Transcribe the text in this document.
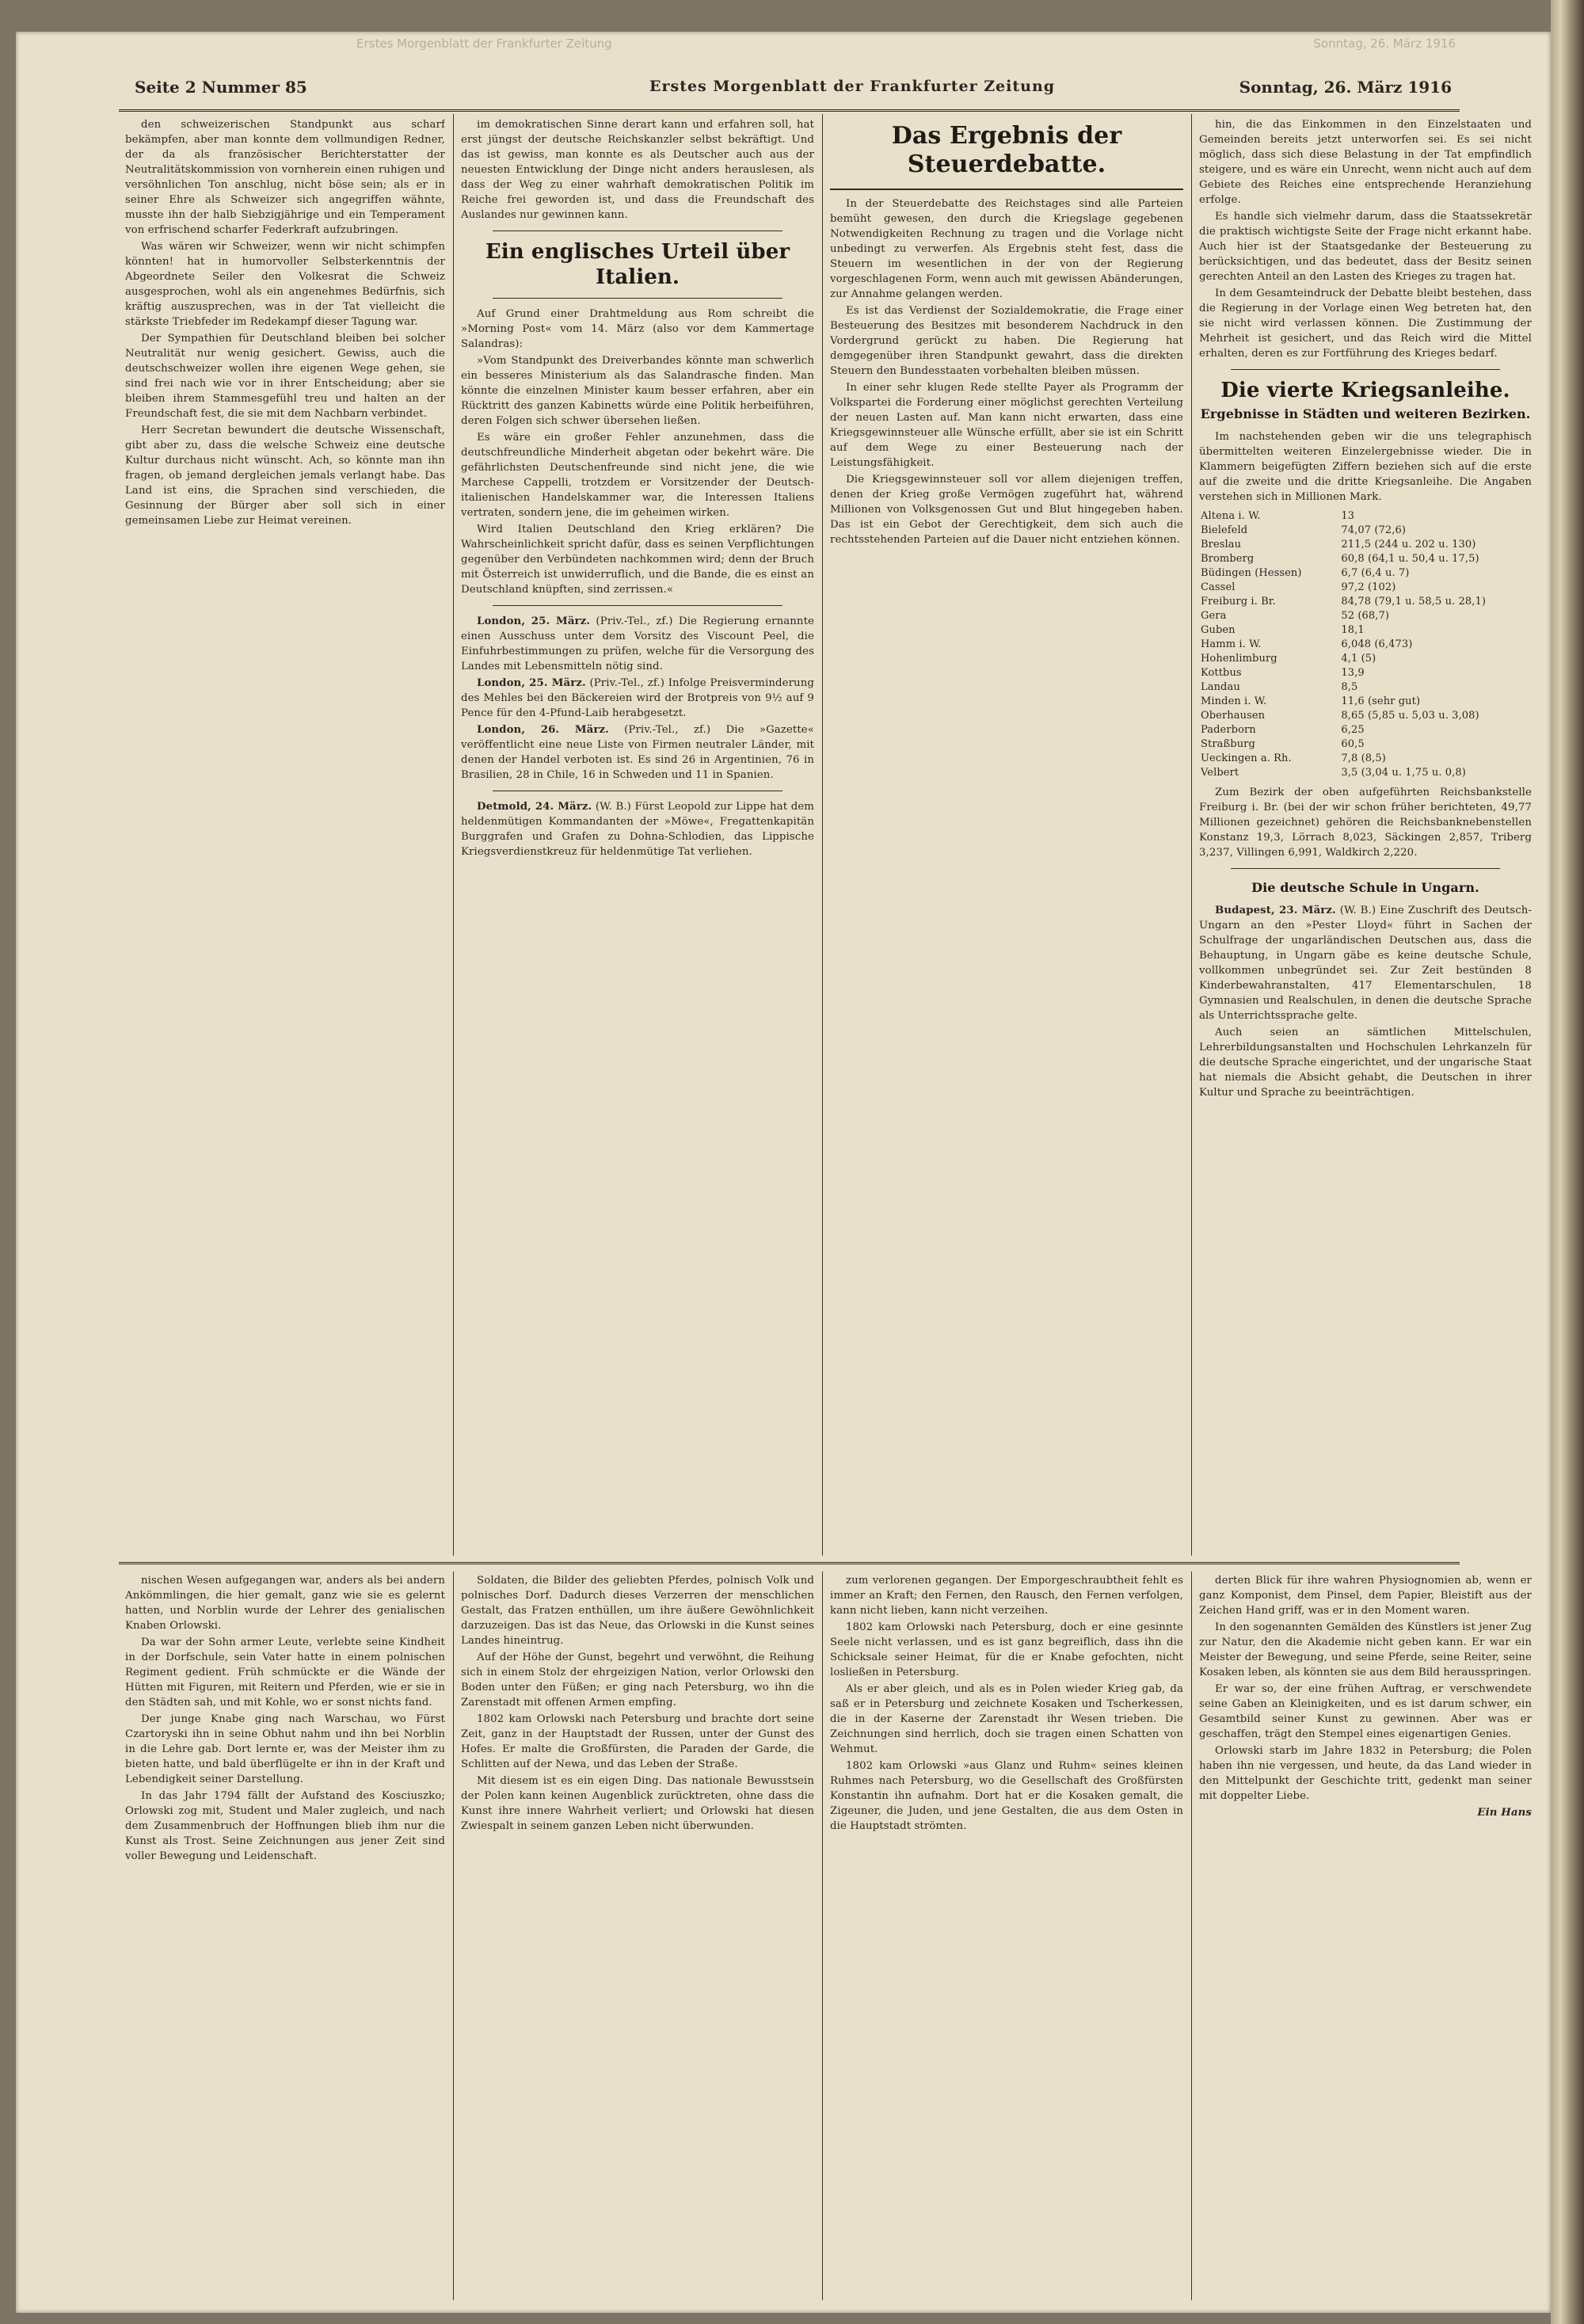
Erstes Morgenblatt der Frankfurter Zeitung	Sonntag, 26. März 1916
Seite 2 Nummer 85	Erstes Morgenblatt der Frankfurter Zeitung	Sonntag, 26. März 1916

den schweizerischen Standpunkt aus scharf bekämpfen, aber man konnte dem vollmundigen Redner, der da als französischer Berichterstatter der Neutralitätskommission von vornherein einen ruhigen und versöhnlichen Ton anschlug, nicht böse sein; als er in seiner Ehre als Schweizer sich angegriffen wähnte, musste ihn der halb Siebzigjährige und ein Temperament von erfrischend scharfer Federkraft aufzubringen.

Was wären wir Schweizer, wenn wir nicht schimpfen könnten! hat in humorvoller Selbsterkenntnis der Abgeordnete Seiler den Volkesrat die Schweiz ausgesprochen, wohl als ein angenehmes Bedürfnis, sich kräftig auszusprechen, was in der Tat vielleicht die stärkste Triebfeder im Redekampf dieser Tagung war.

Der Sympathien für Deutschland bleiben bei solcher Neutralität nur wenig gesichert. Gewiss, auch die deutschschweizer wollen ihre eigenen Wege gehen, sie sind frei nach wie vor in ihrer Entscheidung; aber sie bleiben ihrem Stammesgefühl treu und halten an der Freundschaft fest, die sie mit dem Nachbarn verbindet.

Herr Secretan bewundert die deutsche Wissenschaft, gibt aber zu, dass die welsche Schweiz eine deutsche Kultur durchaus nicht wünscht. Ach, so könnte man ihn fragen, ob jemand dergleichen jemals verlangt habe. Das Land ist eins, die Sprachen sind verschieden, die Gesinnung der Bürger aber soll sich in einer gemeinsamen Liebe zur Heimat vereinen.

im demokratischen Sinne derart kann und erfahren soll, hat erst jüngst der deutsche Reichskanzler selbst bekräftigt. Und das ist gewiss, man konnte es als Deutscher auch aus der neuesten Entwicklung der Dinge nicht anders herauslesen, als dass der Weg zu einer wahrhaft demokratischen Politik im Reiche frei geworden ist, und dass die Freundschaft des Auslandes nur gewinnen kann.

Ein englisches Urteil über Italien.

Auf Grund einer Drahtmeldung aus Rom schreibt die »Morning Post« vom 14. März (also vor dem Kammertage Salandras):

»Vom Standpunkt des Dreiverbandes könnte man schwerlich ein besseres Ministerium als das Salandrasche finden. Man könnte die einzelnen Minister kaum besser erfahren, aber ein Rücktritt des ganzen Kabinetts würde eine Politik herbeiführen, deren Folgen sich schwer übersehen ließen.

Es wäre ein großer Fehler anzunehmen, dass die deutschfreundliche Minderheit abgetan oder bekehrt wäre. Die gefährlichsten Deutschenfreunde sind nicht jene, die wie Marchese Cappelli, trotzdem er Vorsitzender der Deutsch-italienischen Handelskammer war, die Interessen Italiens vertraten, sondern jene, die im geheimen wirken.

Wird Italien Deutschland den Krieg erklären? Die Wahrscheinlichkeit spricht dafür, dass es seinen Verpflichtungen gegenüber den Verbündeten nachkommen wird; denn der Bruch mit Österreich ist unwiderruflich, und die Bande, die es einst an Deutschland knüpften, sind zerrissen.«

London, 25. März. (Priv.-Tel., zf.) Die Regierung ernannte einen Ausschuss unter dem Vorsitz des Viscount Peel, die Einfuhrbestimmungen zu prüfen, welche für die Versorgung des Landes mit Lebensmitteln nötig sind.

London, 25. März. (Priv.-Tel., zf.) Infolge Preisverminderung des Mehles bei den Bäckereien wird der Brotpreis von 9½ auf 9 Pence für den 4-Pfund-Laib herabgesetzt.

London, 26. März. (Priv.-Tel., zf.) Die »Gazette« veröffentlicht eine neue Liste von Firmen neutraler Länder, mit denen der Handel verboten ist. Es sind 26 in Argentinien, 76 in Brasilien, 28 in Chile, 16 in Schweden und 11 in Spanien.

Detmold, 24. März. (W. B.) Fürst Leopold zur Lippe hat dem heldenmütigen Kommandanten der »Möwe«, Fregattenkapitän Burggrafen und Grafen zu Dohna-Schlodien, das Lippische Kriegsverdienstkreuz für heldenmütige Tat verliehen.

Das Ergebnis der Steuerdebatte.

In der Steuerdebatte des Reichstages sind alle Parteien bemüht gewesen, den durch die Kriegslage gegebenen Notwendigkeiten Rechnung zu tragen und die Vorlage nicht unbedingt zu verwerfen. Als Ergebnis steht fest, dass die Steuern im wesentlichen in der von der Regierung vorgeschlagenen Form, wenn auch mit gewissen Abänderungen, zur Annahme gelangen werden.

Es ist das Verdienst der Sozialdemokratie, die Frage einer Besteuerung des Besitzes mit besonderem Nachdruck in den Vordergrund gerückt zu haben. Die Regierung hat demgegenüber ihren Standpunkt gewahrt, dass die direkten Steuern den Bundesstaaten vorbehalten bleiben müssen.

In einer sehr klugen Rede stellte Payer als Programm der Volkspartei die Forderung einer möglichst gerechten Verteilung der neuen Lasten auf. Man kann nicht erwarten, dass eine Kriegsgewinnsteuer alle Wünsche erfüllt, aber sie ist ein Schritt auf dem Wege zu einer Besteuerung nach der Leistungsfähigkeit.

Die Kriegsgewinnsteuer soll vor allem diejenigen treffen, denen der Krieg große Vermögen zugeführt hat, während Millionen von Volksgenossen Gut und Blut hingegeben haben. Das ist ein Gebot der Gerechtigkeit, dem sich auch die rechtsstehenden Parteien auf die Dauer nicht entziehen können.

hin, die das Einkommen in den Einzelstaaten und Gemeinden bereits jetzt unterworfen sei. Es sei nicht möglich, dass sich diese Belastung in der Tat empfindlich steigere, und es wäre ein Unrecht, wenn nicht auch auf dem Gebiete des Reiches eine entsprechende Heranziehung erfolge.

Es handle sich vielmehr darum, dass die Staatssekretär die praktisch wichtigste Seite der Frage nicht erkannt habe. Auch hier ist der Staatsgedanke der Besteuerung zu berücksichtigen, und das bedeutet, dass der Besitz seinen gerechten Anteil an den Lasten des Krieges zu tragen hat.

In dem Gesamteindruck der Debatte bleibt bestehen, dass die Regierung in der Vorlage einen Weg betreten hat, den sie nicht wird verlassen können. Die Zustimmung der Mehrheit ist gesichert, und das Reich wird die Mittel erhalten, deren es zur Fortführung des Krieges bedarf.

Die vierte Kriegsanleihe.
Ergebnisse in Städten und weiteren Bezirken.

Im nachstehenden geben wir die uns telegraphisch übermittelten weiteren Einzelergebnisse wieder. Die in Klammern beigefügten Ziffern beziehen sich auf die erste auf die zweite und die dritte Kriegsanleihe. Die Angaben verstehen sich in Millionen Mark.

Altena i. W.	13
Bielefeld	74,07 (72,6)
Breslau	211,5 (244 u. 202 u. 130)
Bromberg	60,8 (64,1 u. 50,4 u. 17,5)
Büdingen (Hessen)	6,7 (6,4 u. 7)
Cassel	97,2 (102)
Freiburg i. Br.	84,78 (79,1 u. 58,5 u. 28,1)
Gera	52 (68,7)
Guben	18,1
Hamm i. W.	6,048 (6,473)
Hohenlimburg	4,1 (5)
Kottbus	13,9
Landau	8,5
Minden i. W.	11,6 (sehr gut)
Oberhausen	8,65 (5,85 u. 5,03 u. 3,08)
Paderborn	6,25
Straßburg	60,5
Ueckingen a. Rh.	7,8 (8,5)
Velbert	3,5 (3,04 u. 1,75 u. 0,8)

Zum Bezirk der oben aufgeführten Reichsbankstelle Freiburg i. Br. (bei der wir schon früher berichteten, 49,77 Millionen gezeichnet) gehören die Reichsbanknebenstellen Konstanz 19,3, Lörrach 8,023, Säckingen 2,857, Triberg 3,237, Villingen 6,991, Waldkirch 2,220.

Die deutsche Schule in Ungarn.

Budapest, 23. März. (W. B.) Eine Zuschrift des Deutsch-Ungarn an den »Pester Lloyd« führt in Sachen der Schulfrage der ungarländischen Deutschen aus, dass die Behauptung, in Ungarn gäbe es keine deutsche Schule, vollkommen unbegründet sei. Zur Zeit bestünden 8 Kinderbewahranstalten, 417 Elementarschulen, 18 Gymnasien und Realschulen, in denen die deutsche Sprache als Unterrichtssprache gelte.

Auch seien an sämtlichen Mittelschulen, Lehrerbildungsanstalten und Hochschulen Lehrkanzeln für die deutsche Sprache eingerichtet, und der ungarische Staat hat niemals die Absicht gehabt, die Deutschen in ihrer Kultur und Sprache zu beeinträchtigen.

nischen Wesen aufgegangen war, anders als bei andern Ankömmlingen, die hier gemalt, ganz wie sie es gelernt hatten, und Norblin wurde der Lehrer des genialischen Knaben Orlowski.

Da war der Sohn armer Leute, verlebte seine Kindheit in der Dorfschule, sein Vater hatte in einem polnischen Regiment gedient. Früh schmückte er die Wände der Hütten mit Figuren, mit Reitern und Pferden, wie er sie in den Städten sah, und mit Kohle, wo er sonst nichts fand.

Der junge Knabe ging nach Warschau, wo Fürst Czartoryski ihn in seine Obhut nahm und ihn bei Norblin in die Lehre gab. Dort lernte er, was der Meister ihm zu bieten hatte, und bald überflügelte er ihn in der Kraft und Lebendigkeit seiner Darstellung.

In das Jahr 1794 fällt der Aufstand des Kosciuszko; Orlowski zog mit, Student und Maler zugleich, und nach dem Zusammenbruch der Hoffnungen blieb ihm nur die Kunst als Trost. Seine Zeichnungen aus jener Zeit sind voller Bewegung und Leidenschaft.

Soldaten, die Bilder des geliebten Pferdes, polnisch Volk und polnisches Dorf. Dadurch dieses Verzerren der menschlichen Gestalt, das Fratzen enthüllen, um ihre äußere Gewöhnlichkeit darzuzeigen. Das ist das Neue, das Orlowski in die Kunst seines Landes hineintrug.

Auf der Höhe der Gunst, begehrt und verwöhnt, die Reihung sich in einem Stolz der ehrgeizigen Nation, verlor Orlowski den Boden unter den Füßen; er ging nach Petersburg, wo ihn die Zarenstadt mit offenen Armen empfing.

1802 kam Orlowski nach Petersburg und brachte dort seine Zeit, ganz in der Hauptstadt der Russen, unter der Gunst des Hofes. Er malte die Großfürsten, die Paraden der Garde, die Schlitten auf der Newa, und das Leben der Straße.

Mit diesem ist es ein eigen Ding. Das nationale Bewusstsein der Polen kann keinen Augenblick zurücktreten, ohne dass die Kunst ihre innere Wahrheit verliert; und Orlowski hat diesen Zwiespalt in seinem ganzen Leben nicht überwunden.

zum verlorenen gegangen. Der Emporgeschraubtheit fehlt es immer an Kraft; den Fernen, den Rausch, den Fernen verfolgen, kann nicht lieben, kann nicht verzeihen.

1802 kam Orlowski nach Petersburg, doch er eine gesinnte Seele nicht verlassen, und es ist ganz begreiflich, dass ihn die Schicksale seiner Heimat, für die er Knabe gefochten, nicht losließen in Petersburg.

Als er aber gleich, und als es in Polen wieder Krieg gab, da saß er in Petersburg und zeichnete Kosaken und Tscherkessen, die in der Kaserne der Zarenstadt ihr Wesen trieben. Die Zeichnungen sind herrlich, doch sie tragen einen Schatten von Wehmut.

1802 kam Orlowski »aus Glanz und Ruhm« seines kleinen Ruhmes nach Petersburg, wo die Gesellschaft des Großfürsten Konstantin ihn aufnahm. Dort hat er die Kosaken gemalt, die Zigeuner, die Juden, und jene Gestalten, die aus dem Osten in die Hauptstadt strömten.

derten Blick für ihre wahren Physiognomien ab, wenn er ganz Komponist, dem Pinsel, dem Papier, Bleistift aus der Zeichen Hand griff, was er in den Moment waren.

In den sogenannten Gemälden des Künstlers ist jener Zug zur Natur, den die Akademie nicht geben kann. Er war ein Meister der Bewegung, und seine Pferde, seine Reiter, seine Kosaken leben, als könnten sie aus dem Bild herausspringen.

Er war so, der eine frühen Auftrag, er verschwendete seine Gaben an Kleinigkeiten, und es ist darum schwer, ein Gesamtbild seiner Kunst zu gewinnen. Aber was er geschaffen, trägt den Stempel eines eigenartigen Genies.

Orlowski starb im Jahre 1832 in Petersburg; die Polen haben ihn nie vergessen, und heute, da das Land wieder in den Mittelpunkt der Geschichte tritt, gedenkt man seiner mit doppelter Liebe.

Ein Hans
